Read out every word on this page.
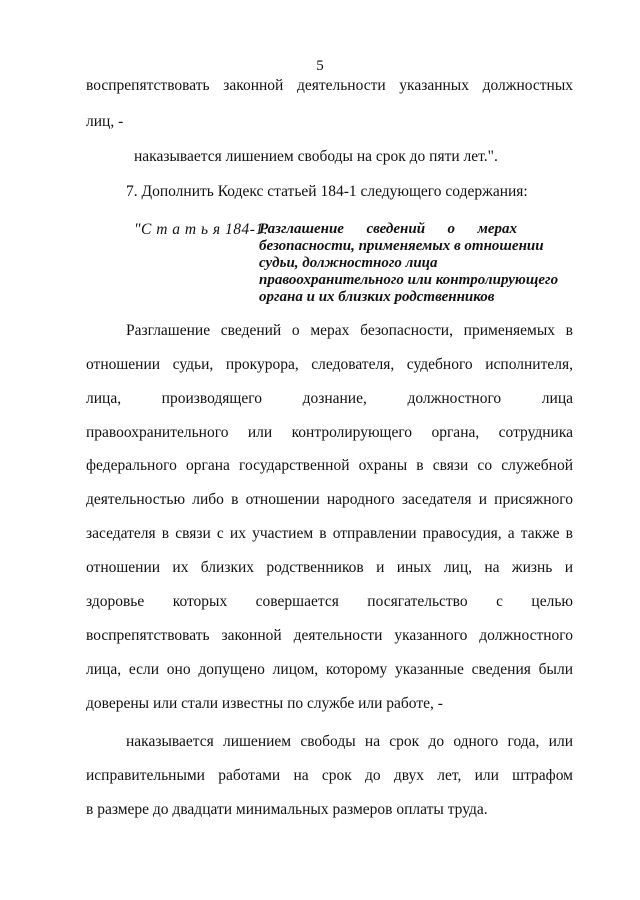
5
воспрепятствовать законной деятельности указанных должностных
лиц, -
наказывается лишением свободы на срок до пяти лет.".
7. Дополнить Кодекс статьей 184-1 следующего содержания:
"С т а т ь я 184-1.
Разглашение сведений о мерах
безопасности, применяемых в отношении
судьи, должностного лица
правоохранительного или контролирующего
органа и их близких родственников
Разглашение сведений о мерах безопасности, применяемых в
отношении судьи, прокурора, следователя, судебного исполнителя,
лица, производящего дознание, должностного лица
правоохранительного или контролирующего органа, сотрудника
федерального органа государственной охраны в связи со служебной
деятельностью либо в отношении народного заседателя и присяжного
заседателя в связи с их участием в отправлении правосудия, а также в
отношении их близких родственников и иных лиц, на жизнь и
здоровье которых совершается посягательство с целью
воспрепятствовать законной деятельности указанного должностного
лица, если оно допущено лицом, которому указанные сведения были
доверены или стали известны по службе или работе, -
наказывается лишением свободы на срок до одного года, или
исправительными работами на срок до двух лет, или штрафом
в размере до двадцати минимальных размеров оплаты труда.
